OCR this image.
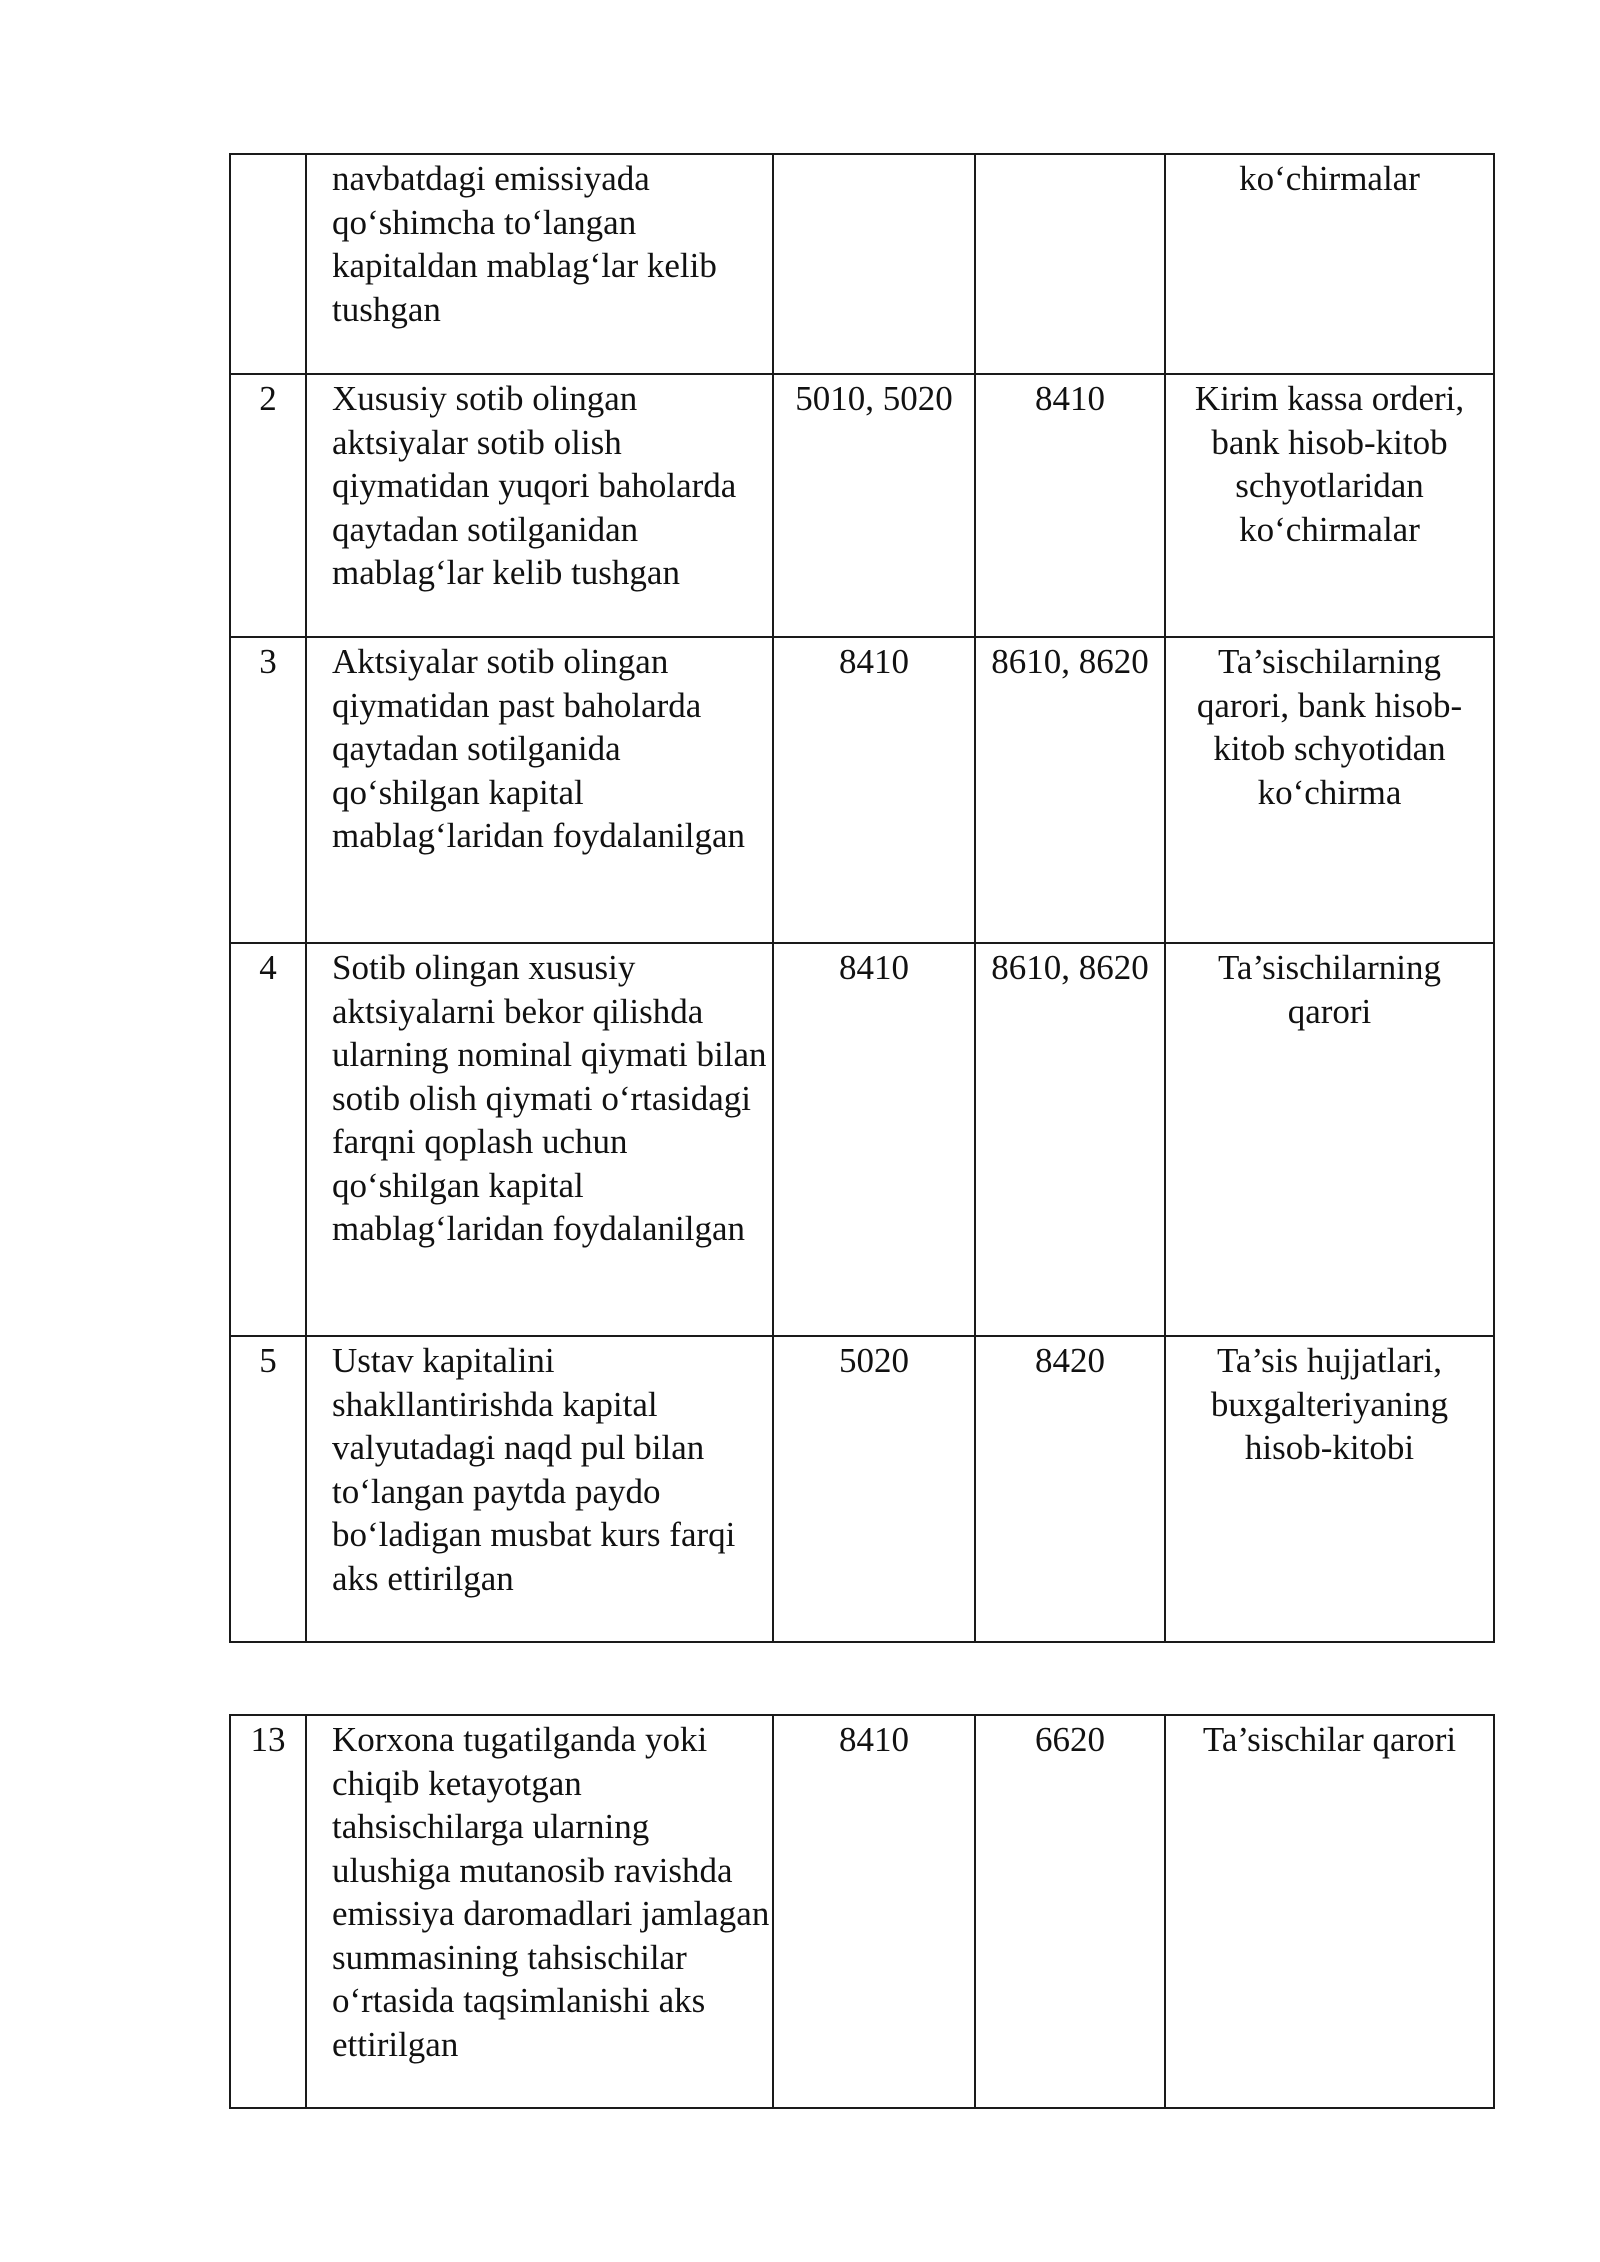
	navbatdagi emissiyada qo‘shimcha to‘langan kapitaldan mablag‘lar kelib tushgan			ko‘chirmalar
2	Xususiy sotib olingan aktsiyalar sotib olish qiymatidan yuqori baholarda qaytadan sotilganidan mablag‘lar kelib tushgan	5010, 5020	8410	Kirim kassa orderi, bank hisob-kitob schyotlaridan ko‘chirmalar
3	Aktsiyalar sotib olingan qiymatidan past baholarda qaytadan sotilganida qo‘shilgan kapital mablag‘laridan foydalanilgan	8410	8610, 8620	Ta’sischilarning qarori, bank hisob-kitob schyotidan ko‘chirma
4	Sotib olingan xususiy aktsiyalarni bekor qilishda ularning nominal qiymati bilan sotib olish qiymati o‘rtasidagi farqni qoplash uchun qo‘shilgan kapital mablag‘laridan foydalanilgan	8410	8610, 8620	Ta’sischilarning qarori
5	Ustav kapitalini shakllantirishda kapital valyutadagi naqd pul bilan to‘langan paytda paydo bo‘ladigan musbat kurs farqi aks ettirilgan	5020	8420	Ta’sis hujjatlari, buxgalteriyaning hisob-kitobi
13	Korxona tugatilganda yoki chiqib ketayotgan tahsischilarga ularning ulushiga mutanosib ravishda emissiya daromadlari jamlagan summasining tahsischilar o‘rtasida taqsimlanishi aks ettirilgan	8410	6620	Ta’sischilar qarori
